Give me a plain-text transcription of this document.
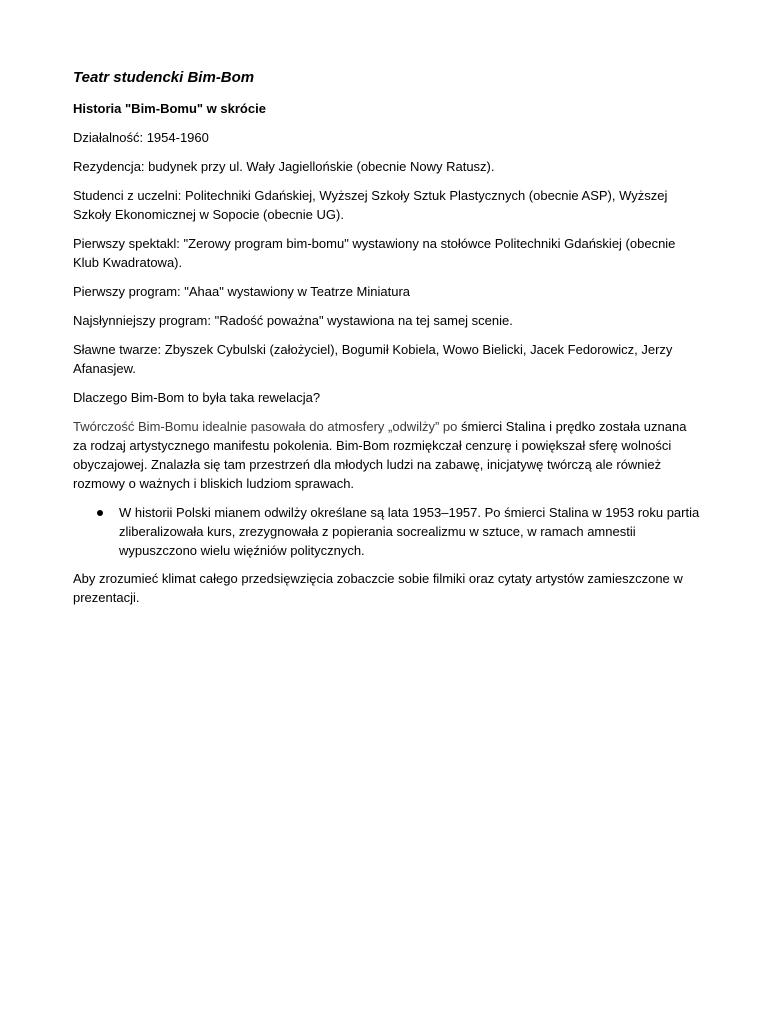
Teatr studencki Bim-Bom

Historia "Bim-Bomu" w skrócie

Działalność: 1954-1960

Rezydencja: budynek przy ul. Wały Jagiellońskie (obecnie Nowy Ratusz).

Studenci z uczelni: Politechniki Gdańskiej, Wyższej Szkoły Sztuk Plastycznych (obecnie ASP), Wyższej Szkoły Ekonomicznej w Sopocie (obecnie UG).

Pierwszy spektakl: "Zerowy program bim-bomu" wystawiony na stołówce Politechniki Gdańskiej (obecnie Klub Kwadratowa).

Pierwszy program: "Ahaa" wystawiony w Teatrze Miniatura

Najsłynniejszy program: "Radość poważna" wystawiona na tej samej scenie.

Sławne twarze: Zbyszek Cybulski (założyciel), Bogumił Kobiela, Wowo Bielicki, Jacek Fedorowicz, Jerzy Afanasjew.

Dlaczego Bim-Bom to była taka rewelacja?

Twórczość Bim-Bomu idealnie pasowała do atmosfery „odwilży” po śmierci Stalina i prędko została uznana za rodzaj artystycznego manifestu pokolenia. Bim-Bom rozmiękczał cenzurę i powiększał sferę wolności obyczajowej. Znalazła się tam przestrzeń dla młodych ludzi na zabawę, inicjatywę twórczą ale również rozmowy o ważnych i bliskich ludziom sprawach.

W historii Polski mianem odwilży określane są lata 1953–1957. Po śmierci Stalina w 1953 roku partia zliberalizowała kurs, zrezygnowała z popierania socrealizmu w sztuce, w ramach amnestii wypuszczono wielu więźniów politycznych.

Aby zrozumieć klimat całego przedsięwzięcia zobaczcie sobie filmiki oraz cytaty artystów zamieszczone w prezentacji.
